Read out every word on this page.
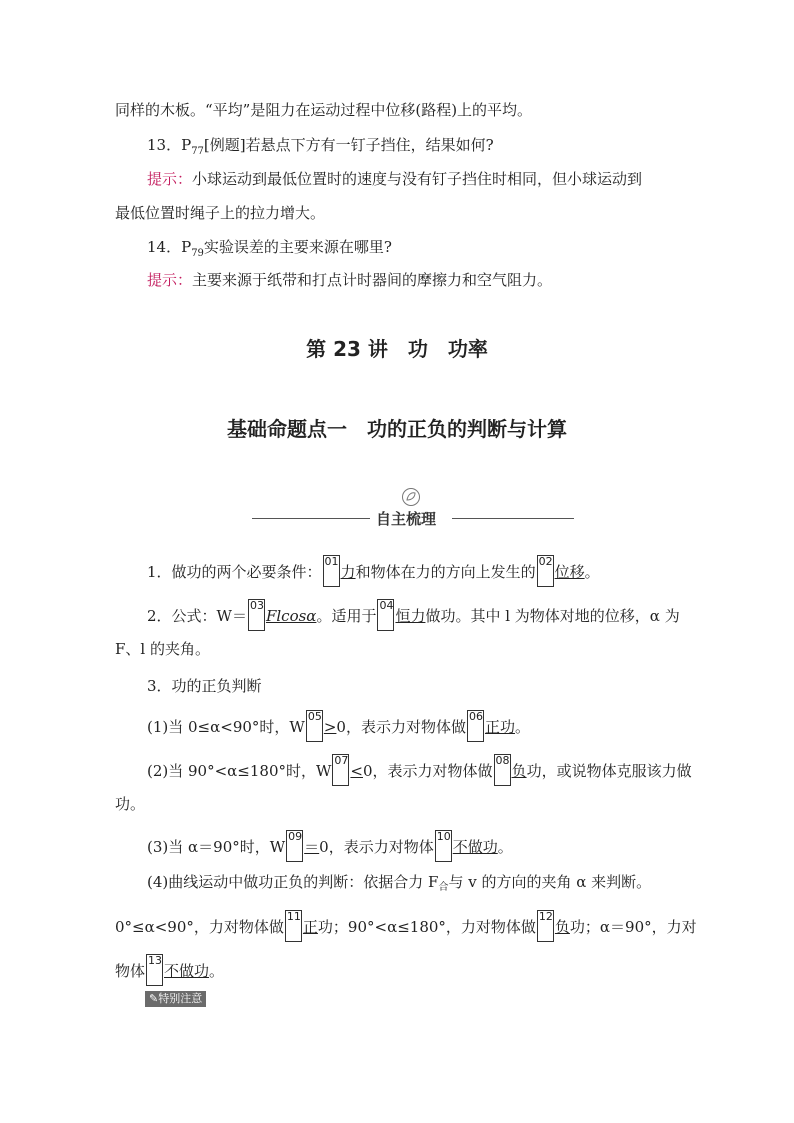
同样的木板。“平均”是阻力在运动过程中位移(路程)上的平均。
13．$P_{77}$[例题]若悬点下方有一钉子挡住，结果如何?
提示：小球运动到最低位置时的速度与没有钉子挡住时相同，但小球运动到
最低位置时绳子上的拉力增大。
14．$P_{79}$实验误差的主要来源在哪里?
提示：主要来源于纸带和打点计时器间的摩擦力和空气阻力。
第 23 讲　功　功率
基础命题点一　功的正负的判断与计算
自主梳理
1．做功的两个必要条件：
01
力和物体在力的方向上发生的
02
位移。
2．公式：W＝
03
Flcosα。适用于
04
恒力做功。其中 l 为物体对地的位移，α 为
F、l 的夹角。
3．功的正负判断
(1)当 0≤α<90°时，W
05
>0，表示力对物体做
06
正功。
(2)当 90°<α≤180°时，W
07
<0，表示力对物体做
08
负功，或说物体克服该力做
功。
(3)当 α＝90°时，W
09
＝0，表示力对物体
10
不做功。
(4)曲线运动中做功正负的判断：依据合力 $F_合$与 v 的方向的夹角 α 来判断。
0°≤α<90°，力对物体做
11
正功；90°<α≤180°，力对物体做
12
负功；α＝90°，力对
物体
13
不做功。
✎特别注意
